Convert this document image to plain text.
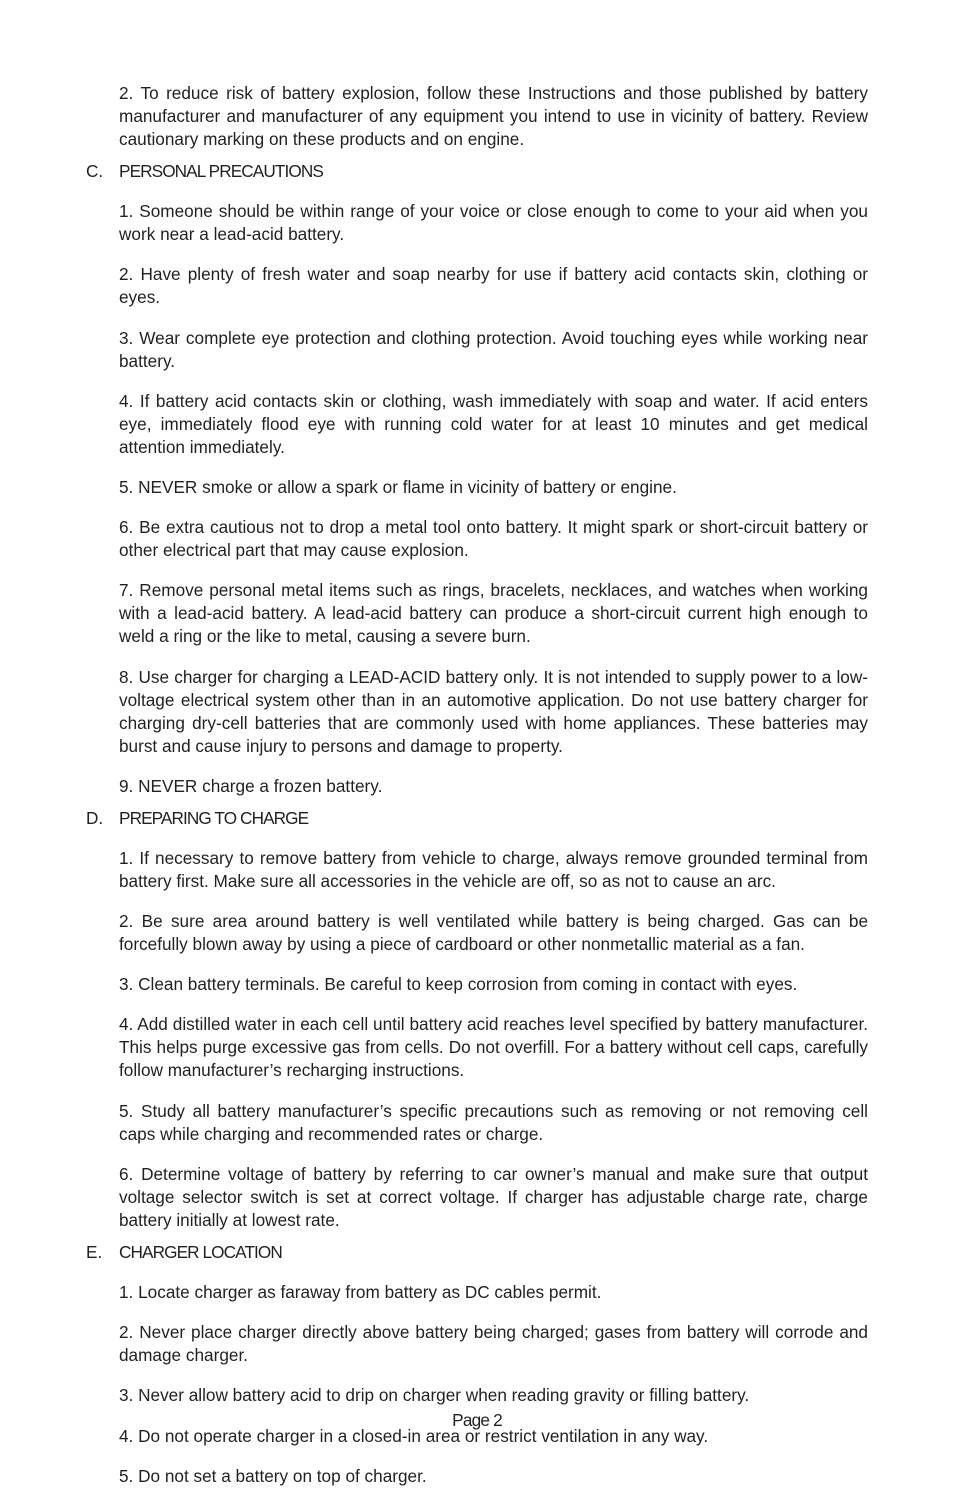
2. To reduce risk of battery explosion, follow these Instructions and those published by battery manufacturer and manufacturer of any equipment you intend to use in vicinity of battery. Review cautionary marking on these products and on engine.

C. PERSONAL PRECAUTIONS

1. Someone should be within range of your voice or close enough to come to your aid when you work near a lead-acid battery.

2. Have plenty of fresh water and soap nearby for use if battery acid contacts skin, clothing or eyes.

3. Wear complete eye protection and clothing protection. Avoid touching eyes while working near battery.

4. If battery acid contacts skin or clothing, wash immediately with soap and water. If acid enters eye, immediately flood eye with running cold water for at least 10 minutes and get medical attention immediately.

5. NEVER smoke or allow a spark or flame in vicinity of battery or engine.

6. Be extra cautious not to drop a metal tool onto battery. It might spark or short-circuit battery or other electrical part that may cause explosion.

7. Remove personal metal items such as rings, bracelets, necklaces, and watches when working with a lead-acid battery. A lead-acid battery can produce a short-circuit current high enough to weld a ring or the like to metal, causing a severe burn.

8. Use charger for charging a LEAD-ACID battery only. It is not intended to supply power to a low-voltage electrical system other than in an automotive application. Do not use battery charger for charging dry-cell batteries that are commonly used with home appliances. These batteries may burst and cause injury to persons and damage to property.

9. NEVER charge a frozen battery.

D. PREPARING TO CHARGE

1. If necessary to remove battery from vehicle to charge, always remove grounded terminal from battery first. Make sure all accessories in the vehicle are off, so as not to cause an arc.

2. Be sure area around battery is well ventilated while battery is being charged. Gas can be forcefully blown away by using a piece of cardboard or other nonmetallic material as a fan.

3. Clean battery terminals. Be careful to keep corrosion from coming in contact with eyes.

4. Add distilled water in each cell until battery acid reaches level specified by battery manufacturer. This helps purge excessive gas from cells. Do not overfill. For a battery without cell caps, carefully follow manufacturer’s recharging instructions.

5. Study all battery manufacturer’s specific precautions such as removing or not removing cell caps while charging and recommended rates or charge.

6. Determine voltage of battery by referring to car owner’s manual and make sure that output voltage selector switch is set at correct voltage. If charger has adjustable charge rate, charge battery initially at lowest rate.

E. CHARGER LOCATION

1. Locate charger as faraway from battery as DC cables permit.

2. Never place charger directly above battery being charged; gases from battery will corrode and damage charger.

3. Never allow battery acid to drip on charger when reading gravity or filling battery.

4. Do not operate charger in a closed-in area or restrict ventilation in any way.

5. Do not set a battery on top of charger.

Page 2
